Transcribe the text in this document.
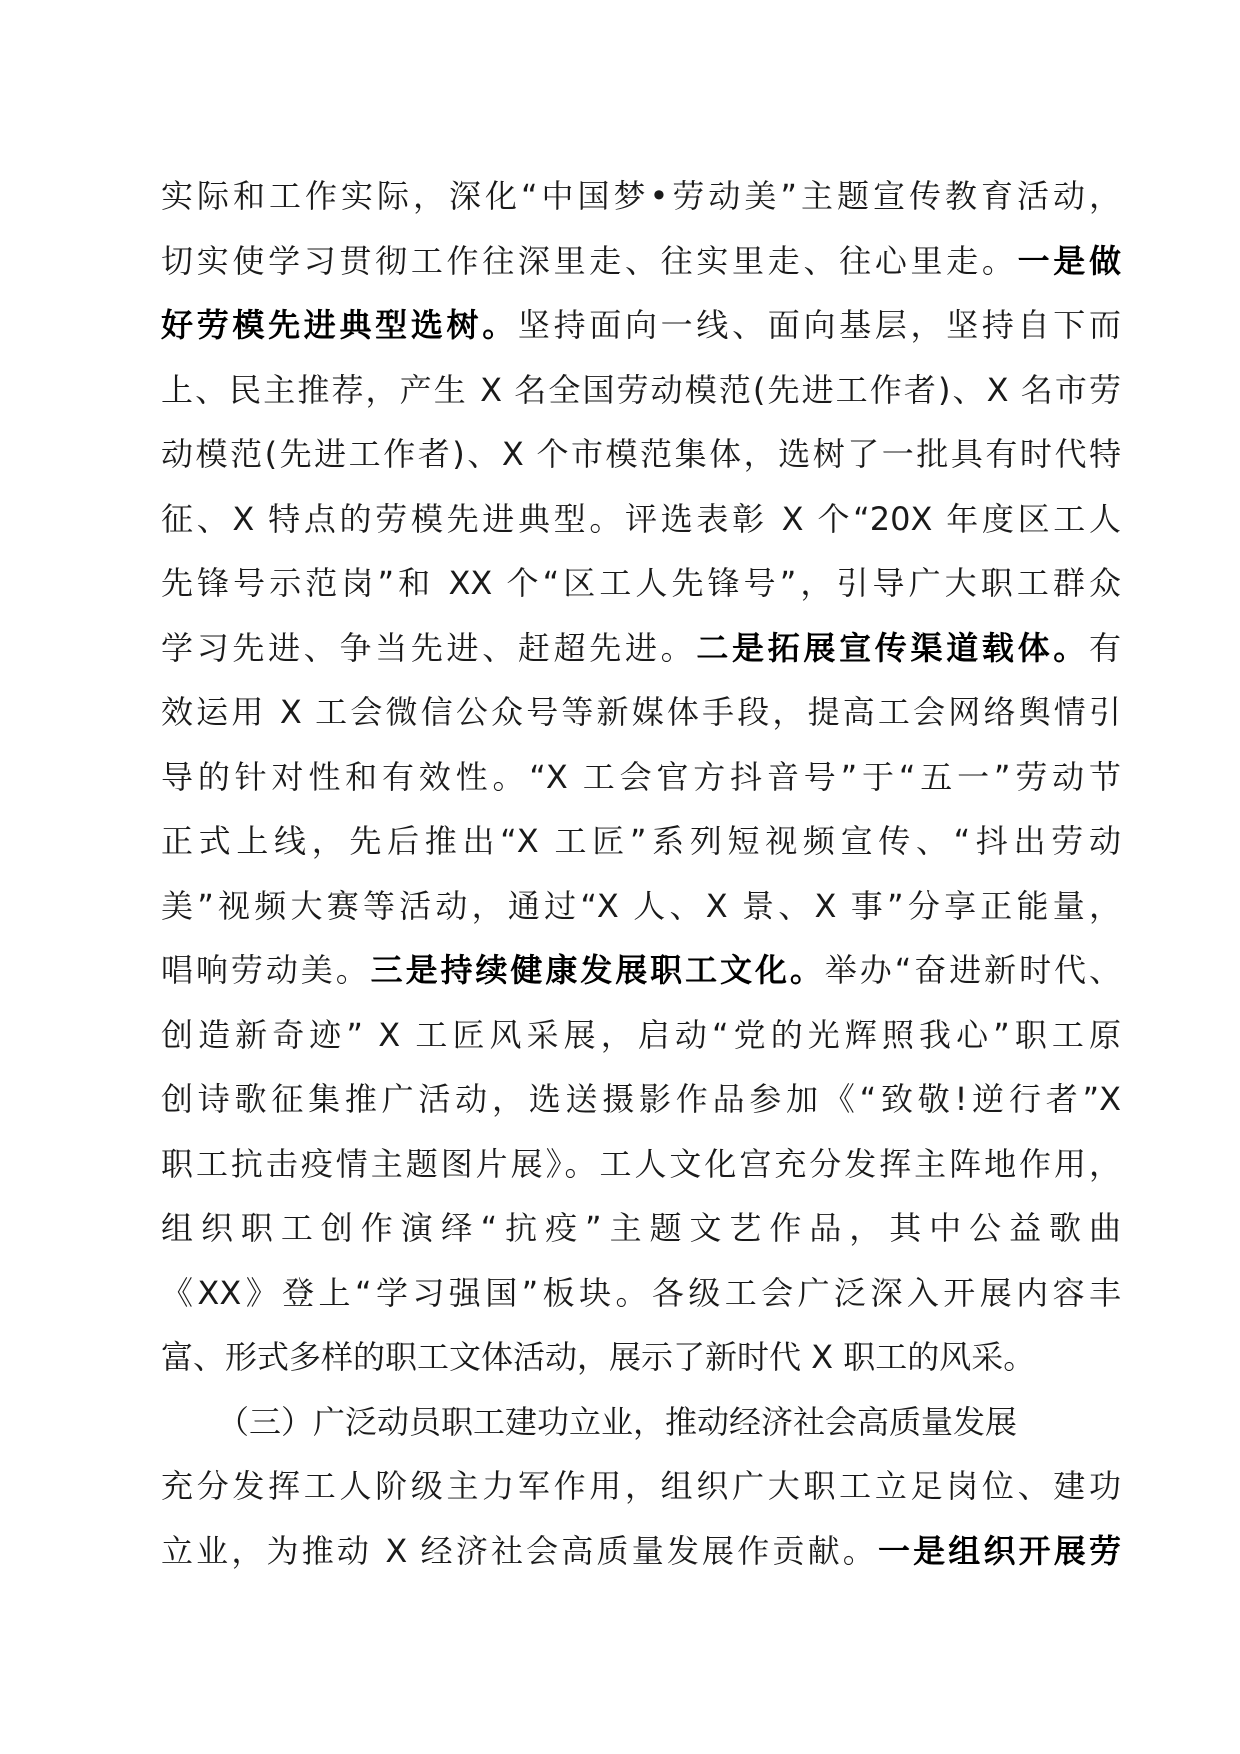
实际和工作实际，深化“中国梦•劳动美”主题宣传教育活动，
切实使学习贯彻工作往深里走、往实里走、往心里走。一是做
好劳模先进典型选树。坚持面向一线、面向基层，坚持自下而
上、民主推荐，产生 X 名全国劳动模范(先进工作者)、X 名市劳
动模范(先进工作者)、X 个市模范集体，选树了一批具有时代特
征、X 特点的劳模先进典型。评选表彰 X 个“20X 年度区工人
先锋号示范岗”和 XX 个“区工人先锋号”，引导广大职工群众
学习先进、争当先进、赶超先进。二是拓展宣传渠道载体。有
效运用 X 工会微信公众号等新媒体手段，提高工会网络舆情引
导的针对性和有效性。“X 工会官方抖音号”于“五一”劳动节
正式上线，先后推出“X 工匠”系列短视频宣传、“抖出劳动
美”视频大赛等活动，通过“X 人、X 景、X 事”分享正能量，
唱响劳动美。三是持续健康发展职工文化。举办“奋进新时代、
创造新奇迹” X 工匠风采展，启动“党的光辉照我心”职工原
创诗歌征集推广活动，选送摄影作品参加《“致敬!逆行者”X
职工抗击疫情主题图片展》。工人文化宫充分发挥主阵地作用，
组织职工创作演绎“抗疫”主题文艺作品，其中公益歌曲
《XX》登上“学习强国”板块。各级工会广泛深入开展内容丰
富、形式多样的职工文体活动，展示了新时代 X 职工的风采。
（三）广泛动员职工建功立业，推动经济社会高质量发展
充分发挥工人阶级主力军作用，组织广大职工立足岗位、建功
立业，为推动 X 经济社会高质量发展作贡献。一是组织开展劳
